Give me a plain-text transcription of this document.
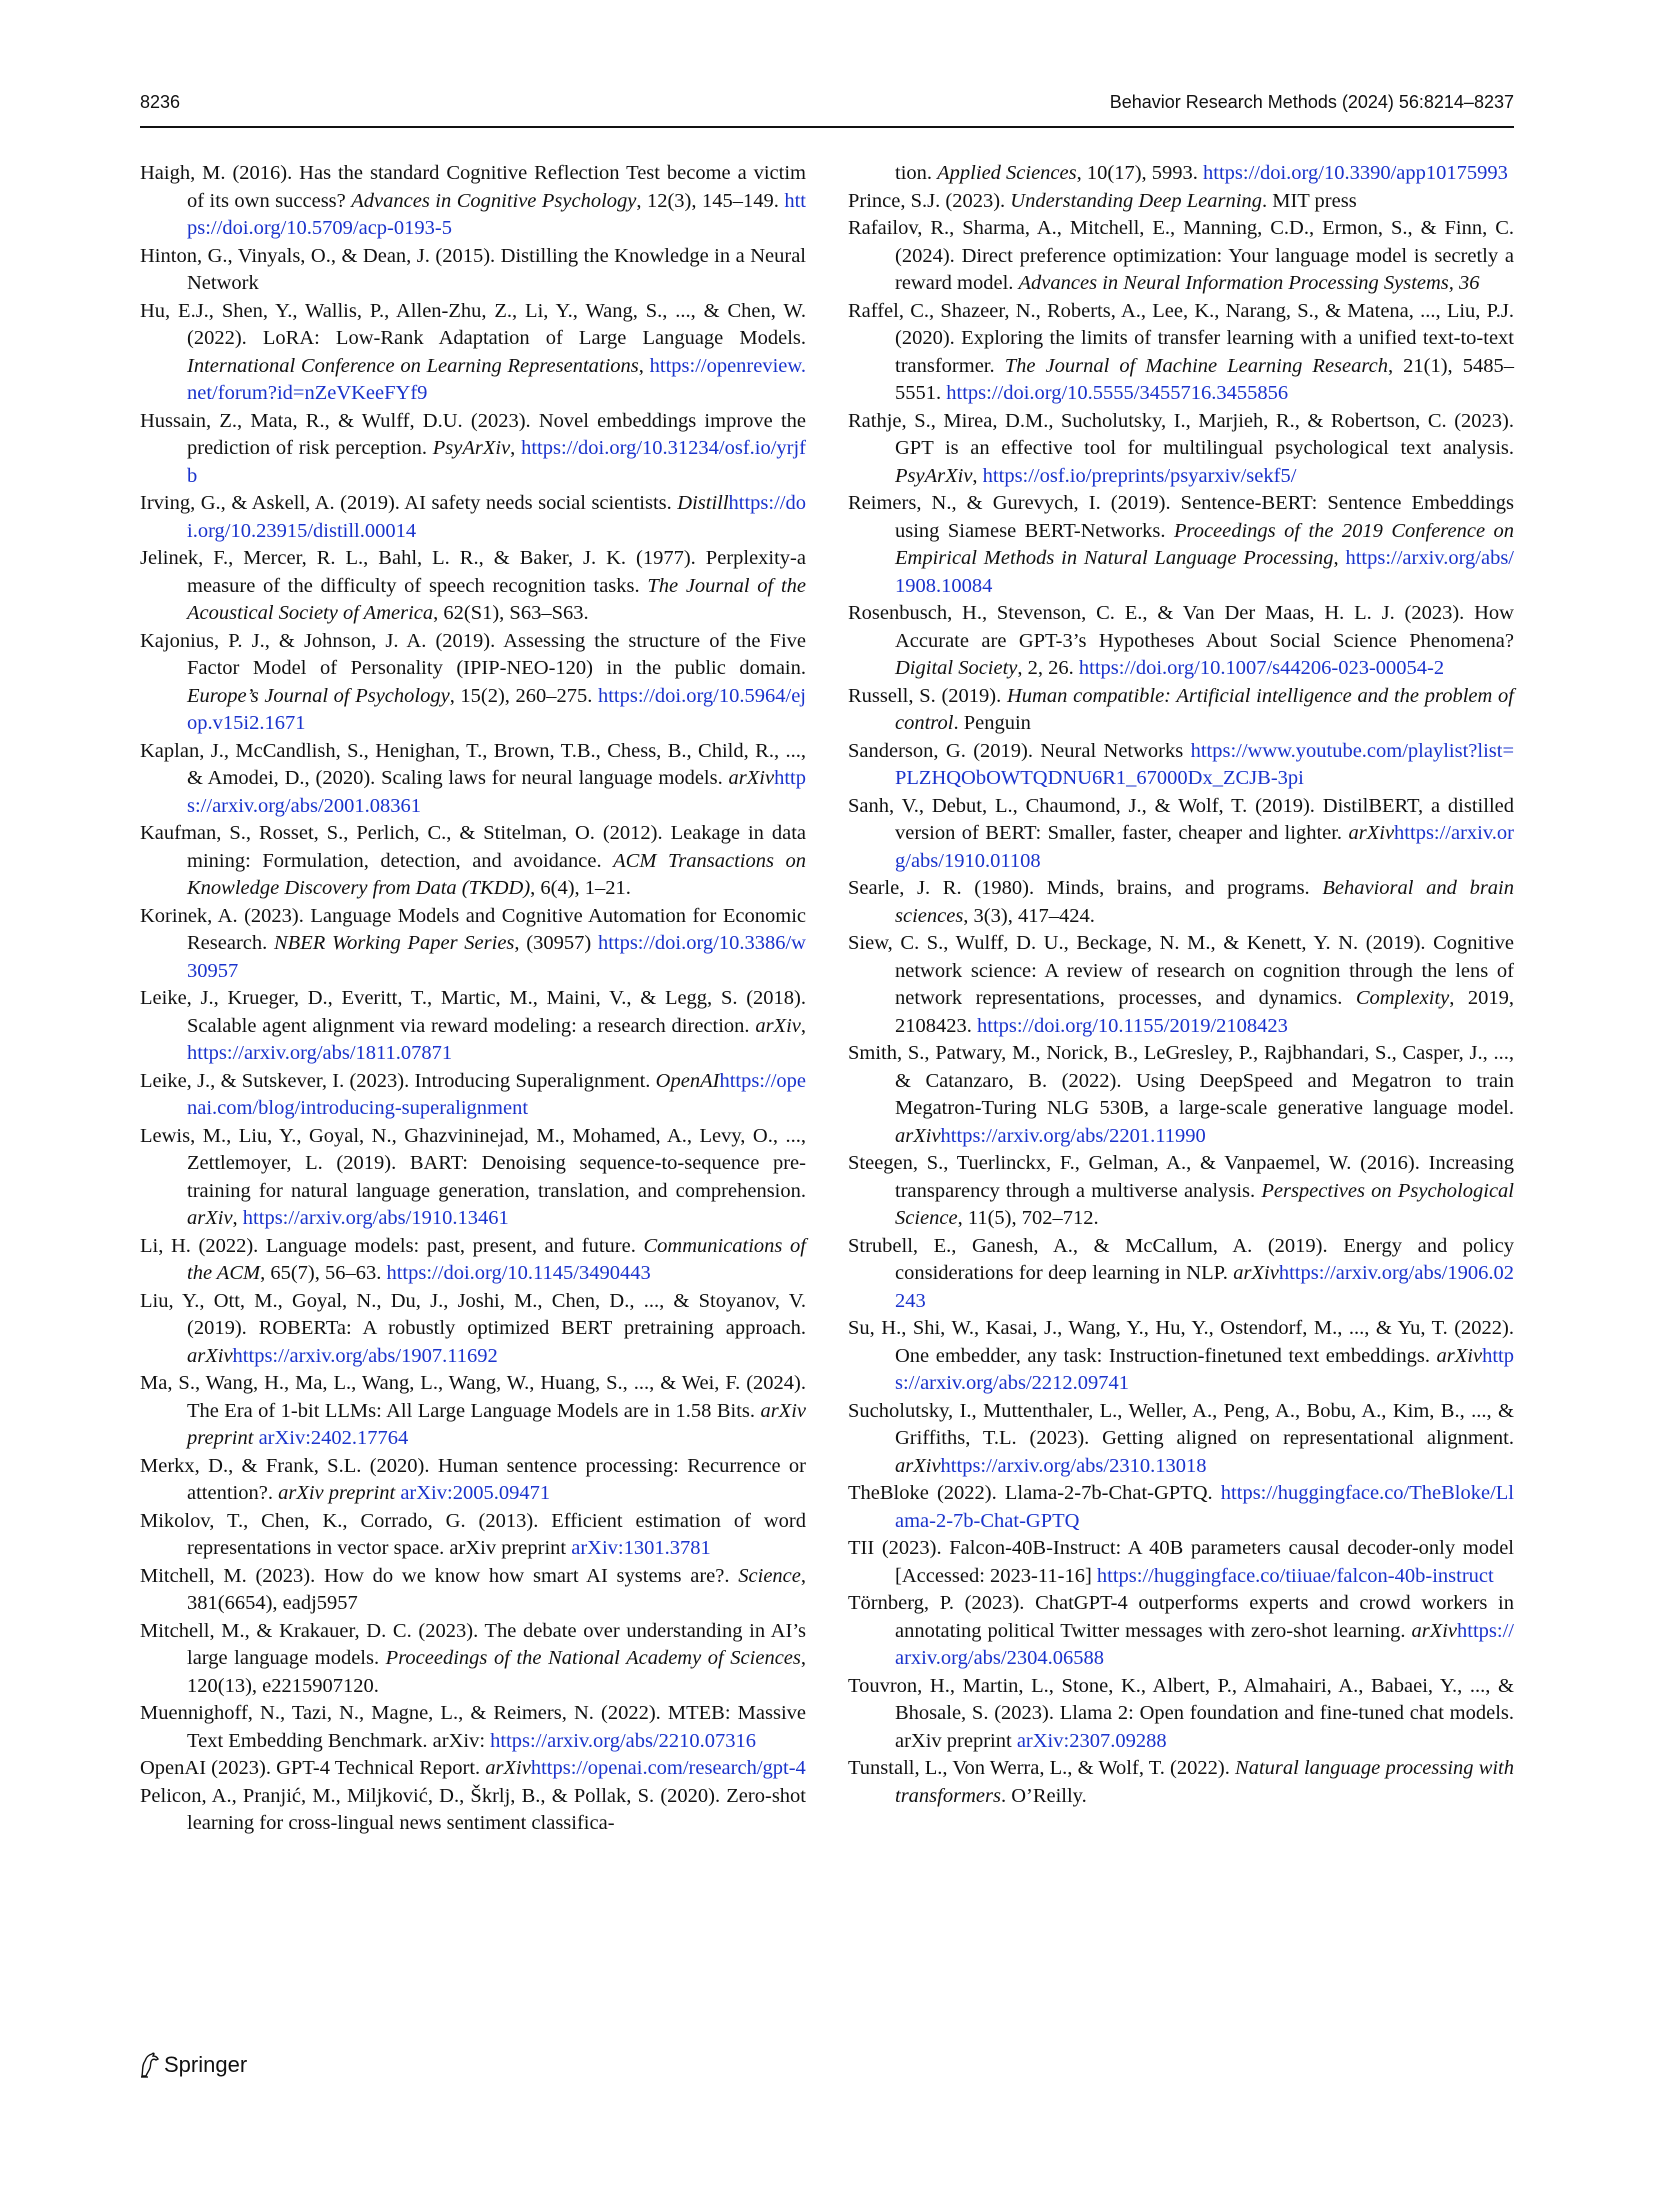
8236	Behavior Research Methods (2024) 56:8214–8237
Haigh, M. (2016). Has the standard Cognitive Reflection Test become a victim of its own success? Advances in Cognitive Psychology, 12(3), 145–149. https://doi.org/10.5709/acp-0193-5
Hinton, G., Vinyals, O., & Dean, J. (2015). Distilling the Knowledge in a Neural Network
Hu, E.J., Shen, Y., Wallis, P., Allen-Zhu, Z., Li, Y., Wang, S., ..., & Chen, W. (2022). LoRA: Low-Rank Adaptation of Large Language Models. International Conference on Learning Representations, https://openreview.net/forum?id=nZeVKeeFYf9
Hussain, Z., Mata, R., & Wulff, D.U. (2023). Novel embeddings improve the prediction of risk perception. PsyArXiv, https://doi.org/10.31234/osf.io/yrjfb
Irving, G., & Askell, A. (2019). AI safety needs social scientists. Distillhttps://doi.org/10.23915/distill.00014
Jelinek, F., Mercer, R. L., Bahl, L. R., & Baker, J. K. (1977). Perplexity-a measure of the difficulty of speech recognition tasks. The Journal of the Acoustical Society of America, 62(S1), S63–S63.
Kajonius, P. J., & Johnson, J. A. (2019). Assessing the structure of the Five Factor Model of Personality (IPIP-NEO-120) in the public domain. Europe’s Journal of Psychology, 15(2), 260–275. https://doi.org/10.5964/ejop.v15i2.1671
Kaplan, J., McCandlish, S., Henighan, T., Brown, T.B., Chess, B., Child, R., ..., & Amodei, D., (2020). Scaling laws for neural language models. arXivhttps://arxiv.org/abs/2001.08361
Kaufman, S., Rosset, S., Perlich, C., & Stitelman, O. (2012). Leakage in data mining: Formulation, detection, and avoidance. ACM Transactions on Knowledge Discovery from Data (TKDD), 6(4), 1–21.
Korinek, A. (2023). Language Models and Cognitive Automation for Economic Research. NBER Working Paper Series, (30957) https://doi.org/10.3386/w30957
Leike, J., Krueger, D., Everitt, T., Martic, M., Maini, V., & Legg, S. (2018). Scalable agent alignment via reward modeling: a research direction. arXiv, https://arxiv.org/abs/1811.07871
Leike, J., & Sutskever, I. (2023). Introducing Superalignment. OpenAIhttps://openai.com/blog/introducing-superalignment
Lewis, M., Liu, Y., Goyal, N., Ghazvininejad, M., Mohamed, A., Levy, O., ..., Zettlemoyer, L. (2019). BART: Denoising sequence-to-sequence pre-training for natural language generation, translation, and comprehension. arXiv, https://arxiv.org/abs/1910.13461
Li, H. (2022). Language models: past, present, and future. Communications of the ACM, 65(7), 56–63. https://doi.org/10.1145/3490443
Liu, Y., Ott, M., Goyal, N., Du, J., Joshi, M., Chen, D., ..., & Stoyanov, V. (2019). ROBERTa: A robustly optimized BERT pretraining approach. arXivhttps://arxiv.org/abs/1907.11692
Ma, S., Wang, H., Ma, L., Wang, L., Wang, W., Huang, S., ..., & Wei, F. (2024). The Era of 1-bit LLMs: All Large Language Models are in 1.58 Bits. arXiv preprint arXiv:2402.17764
Merkx, D., & Frank, S.L. (2020). Human sentence processing: Recurrence or attention?. arXiv preprint arXiv:2005.09471
Mikolov, T., Chen, K., Corrado, G. (2013). Efficient estimation of word representations in vector space. arXiv preprint arXiv:1301.3781
Mitchell, M. (2023). How do we know how smart AI systems are?. Science, 381(6654), eadj5957
Mitchell, M., & Krakauer, D. C. (2023). The debate over understanding in AI’s large language models. Proceedings of the National Academy of Sciences, 120(13), e2215907120.
Muennighoff, N., Tazi, N., Magne, L., & Reimers, N. (2022). MTEB: Massive Text Embedding Benchmark. arXiv: https://arxiv.org/abs/2210.07316
OpenAI (2023). GPT-4 Technical Report. arXivhttps://openai.com/research/gpt-4
Pelicon, A., Pranjić, M., Miljković, D., Škrlj, B., & Pollak, S. (2020). Zero-shot learning for cross-lingual news sentiment classifica-
tion. Applied Sciences, 10(17), 5993. https://doi.org/10.3390/app10175993
Prince, S.J. (2023). Understanding Deep Learning. MIT press
Rafailov, R., Sharma, A., Mitchell, E., Manning, C.D., Ermon, S., & Finn, C. (2024). Direct preference optimization: Your language model is secretly a reward model. Advances in Neural Information Processing Systems, 36
Raffel, C., Shazeer, N., Roberts, A., Lee, K., Narang, S., & Matena, ..., Liu, P.J. (2020). Exploring the limits of transfer learning with a unified text-to-text transformer. The Journal of Machine Learning Research, 21(1), 5485–5551. https://doi.org/10.5555/3455716.3455856
Rathje, S., Mirea, D.M., Sucholutsky, I., Marjieh, R., & Robertson, C. (2023). GPT is an effective tool for multilingual psychological text analysis. PsyArXiv, https://osf.io/preprints/psyarxiv/sekf5/
Reimers, N., & Gurevych, I. (2019). Sentence-BERT: Sentence Embeddings using Siamese BERT-Networks. Proceedings of the 2019 Conference on Empirical Methods in Natural Language Processing, https://arxiv.org/abs/1908.10084
Rosenbusch, H., Stevenson, C. E., & Van Der Maas, H. L. J. (2023). How Accurate are GPT-3’s Hypotheses About Social Science Phenomena? Digital Society, 2, 26. https://doi.org/10.1007/s44206-023-00054-2
Russell, S. (2019). Human compatible: Artificial intelligence and the problem of control. Penguin
Sanderson, G. (2019). Neural Networks https://www.youtube.com/playlist?list=PLZHQObOWTQDNU6R1_67000Dx_ZCJB-3pi
Sanh, V., Debut, L., Chaumond, J., & Wolf, T. (2019). DistilBERT, a distilled version of BERT: Smaller, faster, cheaper and lighter. arXivhttps://arxiv.org/abs/1910.01108
Searle, J. R. (1980). Minds, brains, and programs. Behavioral and brain sciences, 3(3), 417–424.
Siew, C. S., Wulff, D. U., Beckage, N. M., & Kenett, Y. N. (2019). Cognitive network science: A review of research on cognition through the lens of network representations, processes, and dynamics. Complexity, 2019, 2108423. https://doi.org/10.1155/2019/2108423
Smith, S., Patwary, M., Norick, B., LeGresley, P., Rajbhandari, S., Casper, J., ..., & Catanzaro, B. (2022). Using DeepSpeed and Megatron to train Megatron-Turing NLG 530B, a large-scale generative language model. arXivhttps://arxiv.org/abs/2201.11990
Steegen, S., Tuerlinckx, F., Gelman, A., & Vanpaemel, W. (2016). Increasing transparency through a multiverse analysis. Perspectives on Psychological Science, 11(5), 702–712.
Strubell, E., Ganesh, A., & McCallum, A. (2019). Energy and policy considerations for deep learning in NLP. arXivhttps://arxiv.org/abs/1906.02243
Su, H., Shi, W., Kasai, J., Wang, Y., Hu, Y., Ostendorf, M., ..., & Yu, T. (2022). One embedder, any task: Instruction-finetuned text embeddings. arXivhttps://arxiv.org/abs/2212.09741
Sucholutsky, I., Muttenthaler, L., Weller, A., Peng, A., Bobu, A., Kim, B., ..., & Griffiths, T.L. (2023). Getting aligned on representational alignment. arXivhttps://arxiv.org/abs/2310.13018
TheBloke (2022). Llama-2-7b-Chat-GPTQ. https://huggingface.co/TheBloke/Llama-2-7b-Chat-GPTQ
TII (2023). Falcon-40B-Instruct: A 40B parameters causal decoder-only model [Accessed: 2023-11-16] https://huggingface.co/tiiuae/falcon-40b-instruct
Törnberg, P. (2023). ChatGPT-4 outperforms experts and crowd workers in annotating political Twitter messages with zero-shot learning. arXivhttps://arxiv.org/abs/2304.06588
Touvron, H., Martin, L., Stone, K., Albert, P., Almahairi, A., Babaei, Y., ..., & Bhosale, S. (2023). Llama 2: Open foundation and fine-tuned chat models. arXiv preprint arXiv:2307.09288
Tunstall, L., Von Werra, L., & Wolf, T. (2022). Natural language processing with transformers. O’Reilly.
Springer
